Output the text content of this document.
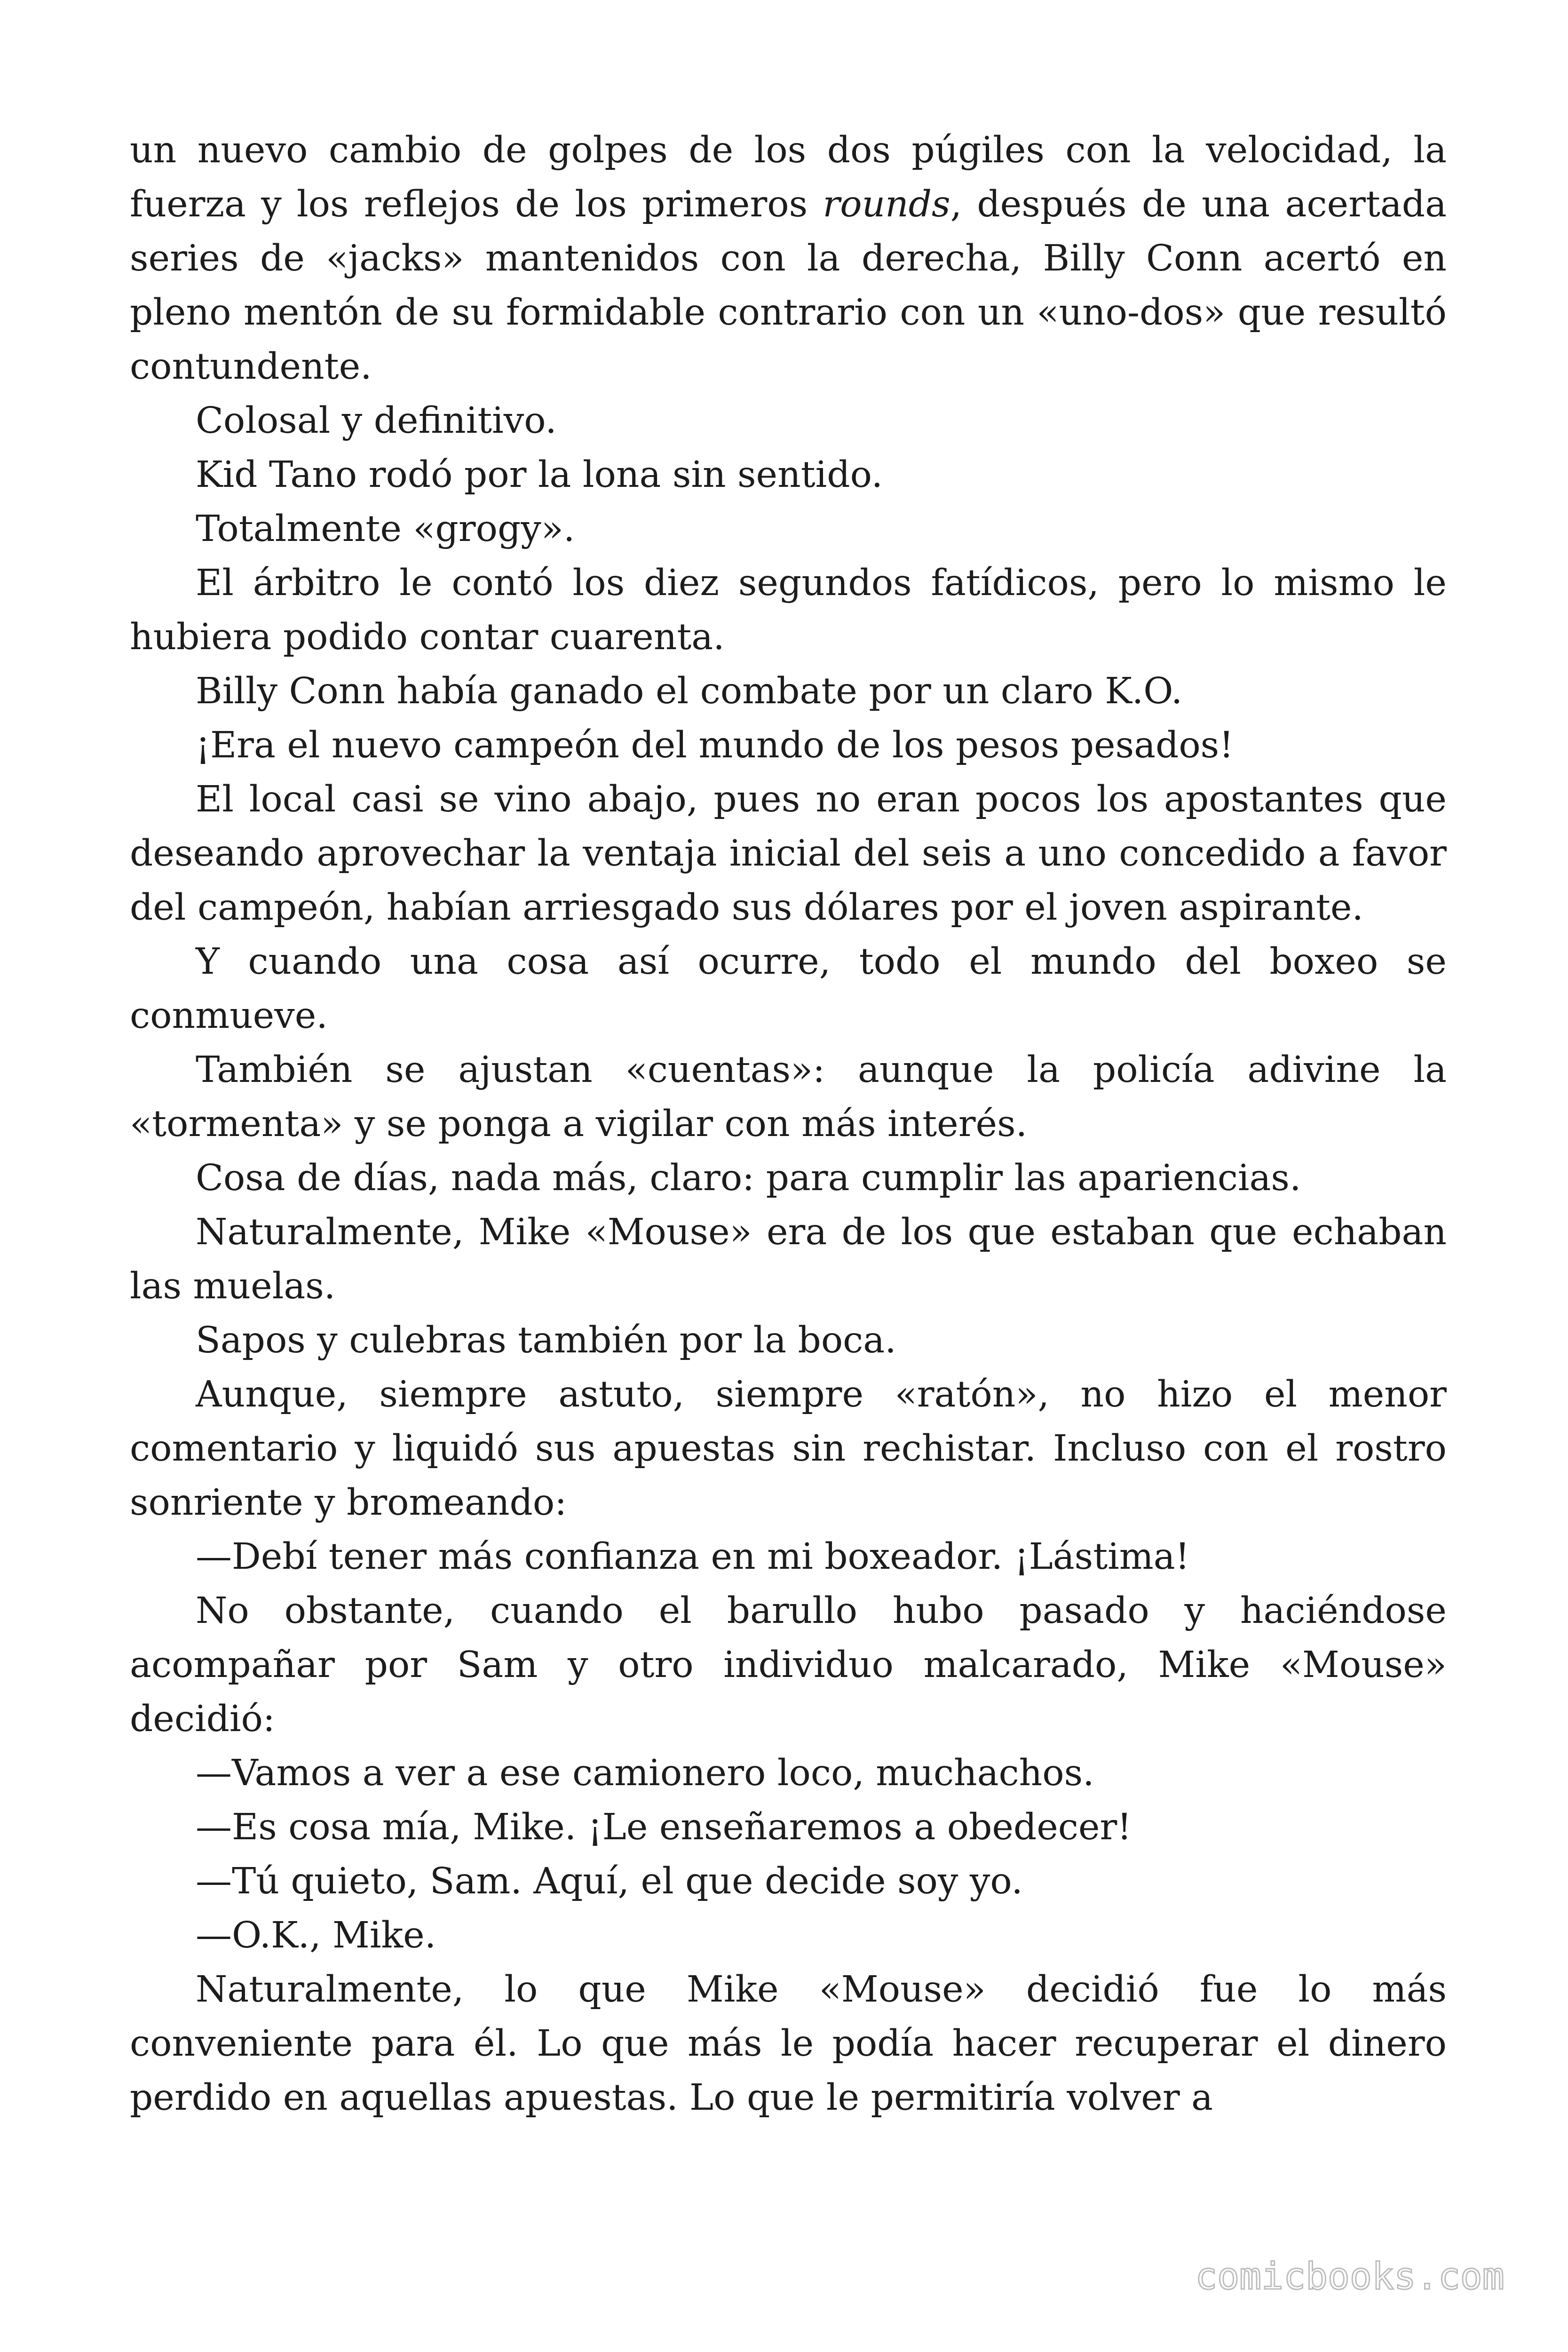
un nuevo cambio de golpes de los dos púgiles con la velocidad, la fuerza y los reflejos de los primeros rounds, después de una acertada series de «jacks» mantenidos con la derecha, Billy Conn acertó en pleno mentón de su formidable contrario con un «uno-dos» que resultó contundente.

Colosal y definitivo.

Kid Tano rodó por la lona sin sentido.

Totalmente «grogy».

El árbitro le contó los diez segundos fatídicos, pero lo mismo le hubiera podido contar cuarenta.

Billy Conn había ganado el combate por un claro K.O.

¡Era el nuevo campeón del mundo de los pesos pesados!

El local casi se vino abajo, pues no eran pocos los apostantes que deseando aprovechar la ventaja inicial del seis a uno concedido a favor del campeón, habían arriesgado sus dólares por el joven aspirante.

Y cuando una cosa así ocurre, todo el mundo del boxeo se conmueve.

También se ajustan «cuentas»: aunque la policía adivine la «tormenta» y se ponga a vigilar con más interés.

Cosa de días, nada más, claro: para cumplir las apariencias.

Naturalmente, Mike «Mouse» era de los que estaban que echaban las muelas.

Sapos y culebras también por la boca.

Aunque, siempre astuto, siempre «ratón», no hizo el menor comentario y liquidó sus apuestas sin rechistar. Incluso con el rostro sonriente y bromeando:

—Debí tener más confianza en mi boxeador. ¡Lástima!

No obstante, cuando el barullo hubo pasado y haciéndose acompañar por Sam y otro individuo malcarado, Mike «Mouse» decidió:

—Vamos a ver a ese camionero loco, muchachos.

—Es cosa mía, Mike. ¡Le enseñaremos a obedecer!

—Tú quieto, Sam. Aquí, el que decide soy yo.

—O.K., Mike.

Naturalmente, lo que Mike «Mouse» decidió fue lo más conveniente para él. Lo que más le podía hacer recuperar el dinero perdido en aquellas apuestas. Lo que le permitiría volver a

comicbooks.com
